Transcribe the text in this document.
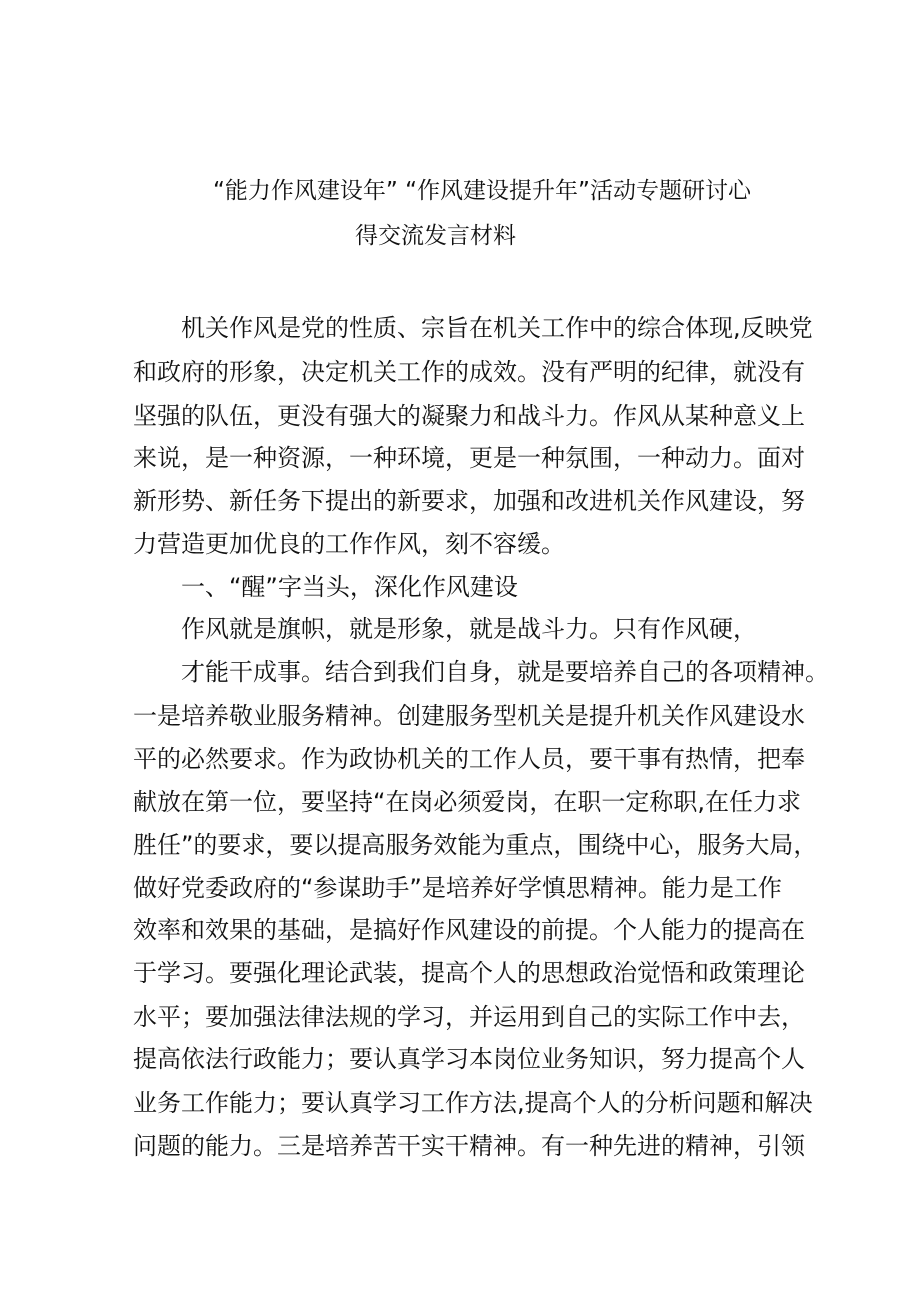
“能力作风建设年” “作风建设提升年”活动专题研讨心
得交流发言材料
机关作风是党的性质、宗旨在机关工作中的综合体现,反映党
和政府的形象，决定机关工作的成效。没有严明的纪律，就没有
坚强的队伍，更没有强大的凝聚力和战斗力。作风从某种意义上
来说，是一种资源，一种环境，更是一种氛围，一种动力。面对
新形势、新任务下提出的新要求，加强和改进机关作风建设，努
力营造更加优良的工作作风，刻不容缓。
一、“醒”字当头，深化作风建设
作风就是旗帜，就是形象，就是战斗力。只有作风硬，
才能干成事。结合到我们自身，就是要培养自己的各项精神。
一是培养敬业服务精神。创建服务型机关是提升机关作风建设水
平的必然要求。作为政协机关的工作人员，要干事有热情，把奉
献放在第一位，要坚持“在岗必须爱岗，在职一定称职,在任力求
胜任”的要求，要以提高服务效能为重点，围绕中心，服务大局，
做好党委政府的“参谋助手”是培养好学慎思精神。能力是工作
效率和效果的基础，是搞好作风建设的前提。个人能力的提高在
于学习。要强化理论武装，提高个人的思想政治觉悟和政策理论
水平；要加强法律法规的学习，并运用到自己的实际工作中去，
提高依法行政能力；要认真学习本岗位业务知识，努力提高个人
业务工作能力；要认真学习工作方法,提高个人的分析问题和解决
问题的能力。三是培养苦干实干精神。有一种先进的精神，引领
